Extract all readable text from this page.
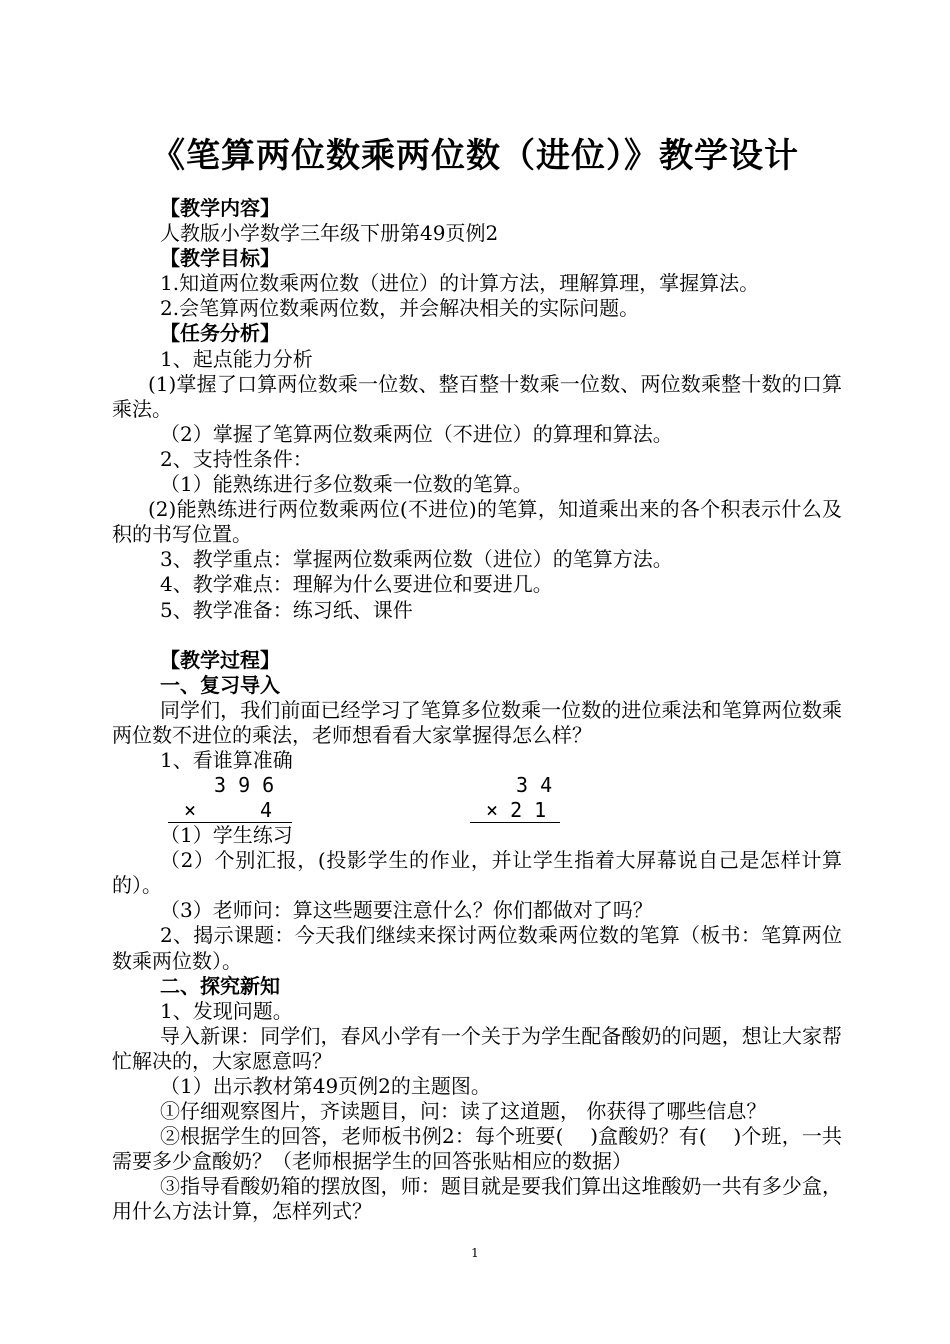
《笔算两位数乘两位数（进位）》教学设计

【教学内容】

人教版小学数学三年级下册第49页例2

【教学目标】

1.知道两位数乘两位数（进位）的计算方法，理解算理，掌握算法。

2.会笔算两位数乘两位数，并会解决相关的实际问题。

【任务分析】

1、起点能力分析

(1)掌握了口算两位数乘一位数、整百整十数乘一位数、两位数乘整十数的口算乘法。

（2）掌握了笔算两位数乘两位（不进位）的算理和算法。

2、支持性条件：

（1）能熟练进行多位数乘一位数的笔算。

(2)能熟练进行两位数乘两位(不进位)的笔算，知道乘出来的各个积表示什么及积的书写位置。

3、教学重点：掌握两位数乘两位数（进位）的笔算方法。

4、教学难点：理解为什么要进位和要进几。

5、教学准备：练习纸、课件

【教学过程】

一、复习导入

同学们，我们前面已经学习了笔算多位数乘一位数的进位乘法和笔算两位数乘两位数不进位的乘法，老师想看看大家掌握得怎么样？

1、看谁算准确

3 9 6
×	4
3 4
× 2 1

（1）学生练习

（2）个别汇报，(投影学生的作业，并让学生指着大屏幕说自己是怎样计算的）。

（3）老师问：算这些题要注意什么？你们都做对了吗？

2、揭示课题：今天我们继续来探讨两位数乘两位数的笔算（板书：笔算两位数乘两位数）。

二、探究新知

1、发现问题。

导入新课：同学们，春风小学有一个关于为学生配备酸奶的问题，想让大家帮忙解决的，大家愿意吗？

（1）出示教材第49页例2的主题图。

①仔细观察图片，齐读题目，问：读了这道题， 你获得了哪些信息？

②根据学生的回答，老师板书例2：每个班要(　 )盒酸奶？有(　 )个班，一共需要多少盒酸奶？（老师根据学生的回答张贴相应的数据）

③指导看酸奶箱的摆放图，师：题目就是要我们算出这堆酸奶一共有多少盒，用什么方法计算，怎样列式？

1
